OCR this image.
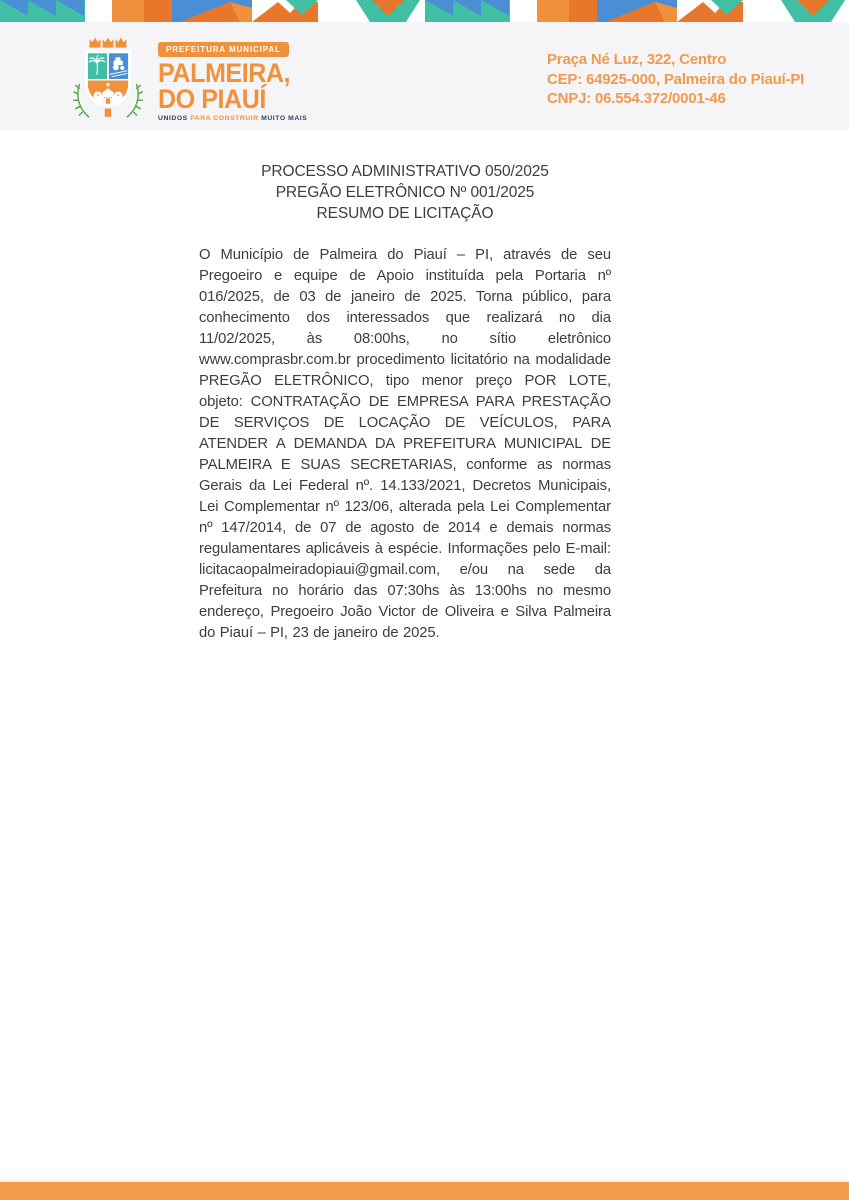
PREFEITURA MUNICIPAL
PALMEIRA,
DO PIAUÍ
UNIDOS PARA CONSTRUIR MUITO MAIS
Praça Né Luz, 322, Centro
CEP: 64925-000, Palmeira do Piauí-PI
CNPJ: 06.554.372/0001-46

PROCESSO ADMINISTRATIVO 050/2025

PREGÃO ELETRÔNICO Nº 001/2025

RESUMO DE LICITAÇÃO

O Município de Palmeira do Piauí – PI, através de seu Pregoeiro e equipe de Apoio instituída pela Portaria nº 016/2025, de 03 de janeiro de 2025. Torna público, para conhecimento dos interessados que realizará no dia 11/02/2025, às 08:00hs, no sítio eletrônico www.comprasbr.com.br procedimento licitatório na modalidade PREGÃO ELETRÔNICO, tipo menor preço POR LOTE, objeto: CONTRATAÇÃO DE EMPRESA PARA PRESTAÇÃO DE SERVIÇOS DE LOCAÇÃO DE VEÍCULOS, PARA ATENDER A DEMANDA DA PREFEITURA MUNICIPAL DE PALMEIRA E SUAS SECRETARIAS, conforme as normas Gerais da Lei Federal nº. 14.133/2021, Decretos Municipais, Lei Complementar nº 123/06, alterada pela Lei Complementar nº 147/2014, de 07 de agosto de 2014 e demais normas regulamentares aplicáveis à espécie. Informações pelo E-mail: licitacaopalmeiradopiaui@gmail.com, e/ou na sede da Prefeitura no horário das 07:30hs às 13:00hs no mesmo endereço, Pregoeiro João Victor de Oliveira e Silva Palmeira do Piauí – PI, 23 de janeiro de 2025.
